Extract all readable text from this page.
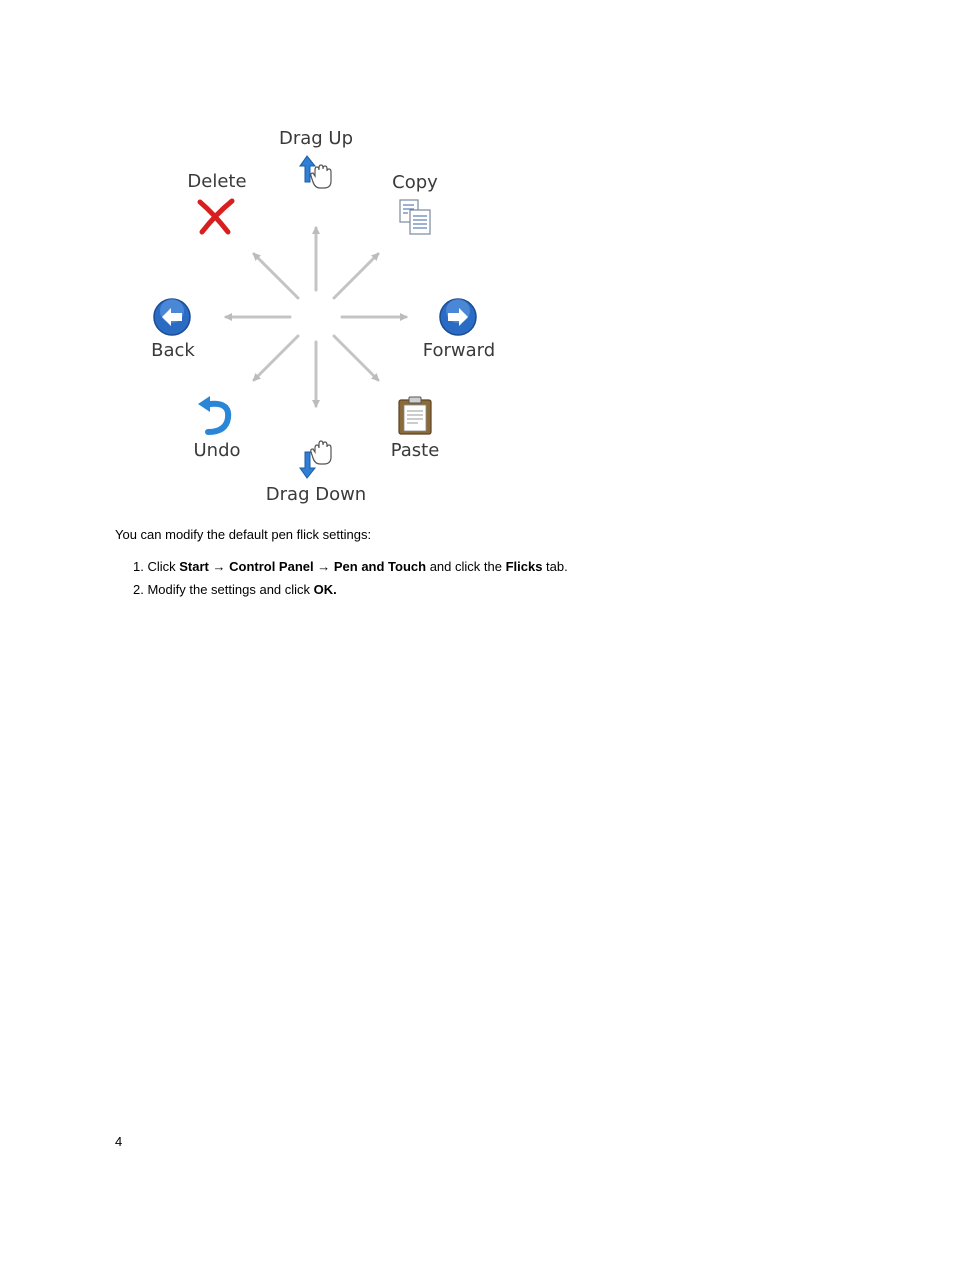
Drag Up
Copy
Delete
Back	Forward
Undo	Paste
Drag Down

You can modify the default pen flick settings:

1. Click Start → Control Panel → Pen and Touch and click the Flicks tab.
2. Modify the settings and click OK.
4
